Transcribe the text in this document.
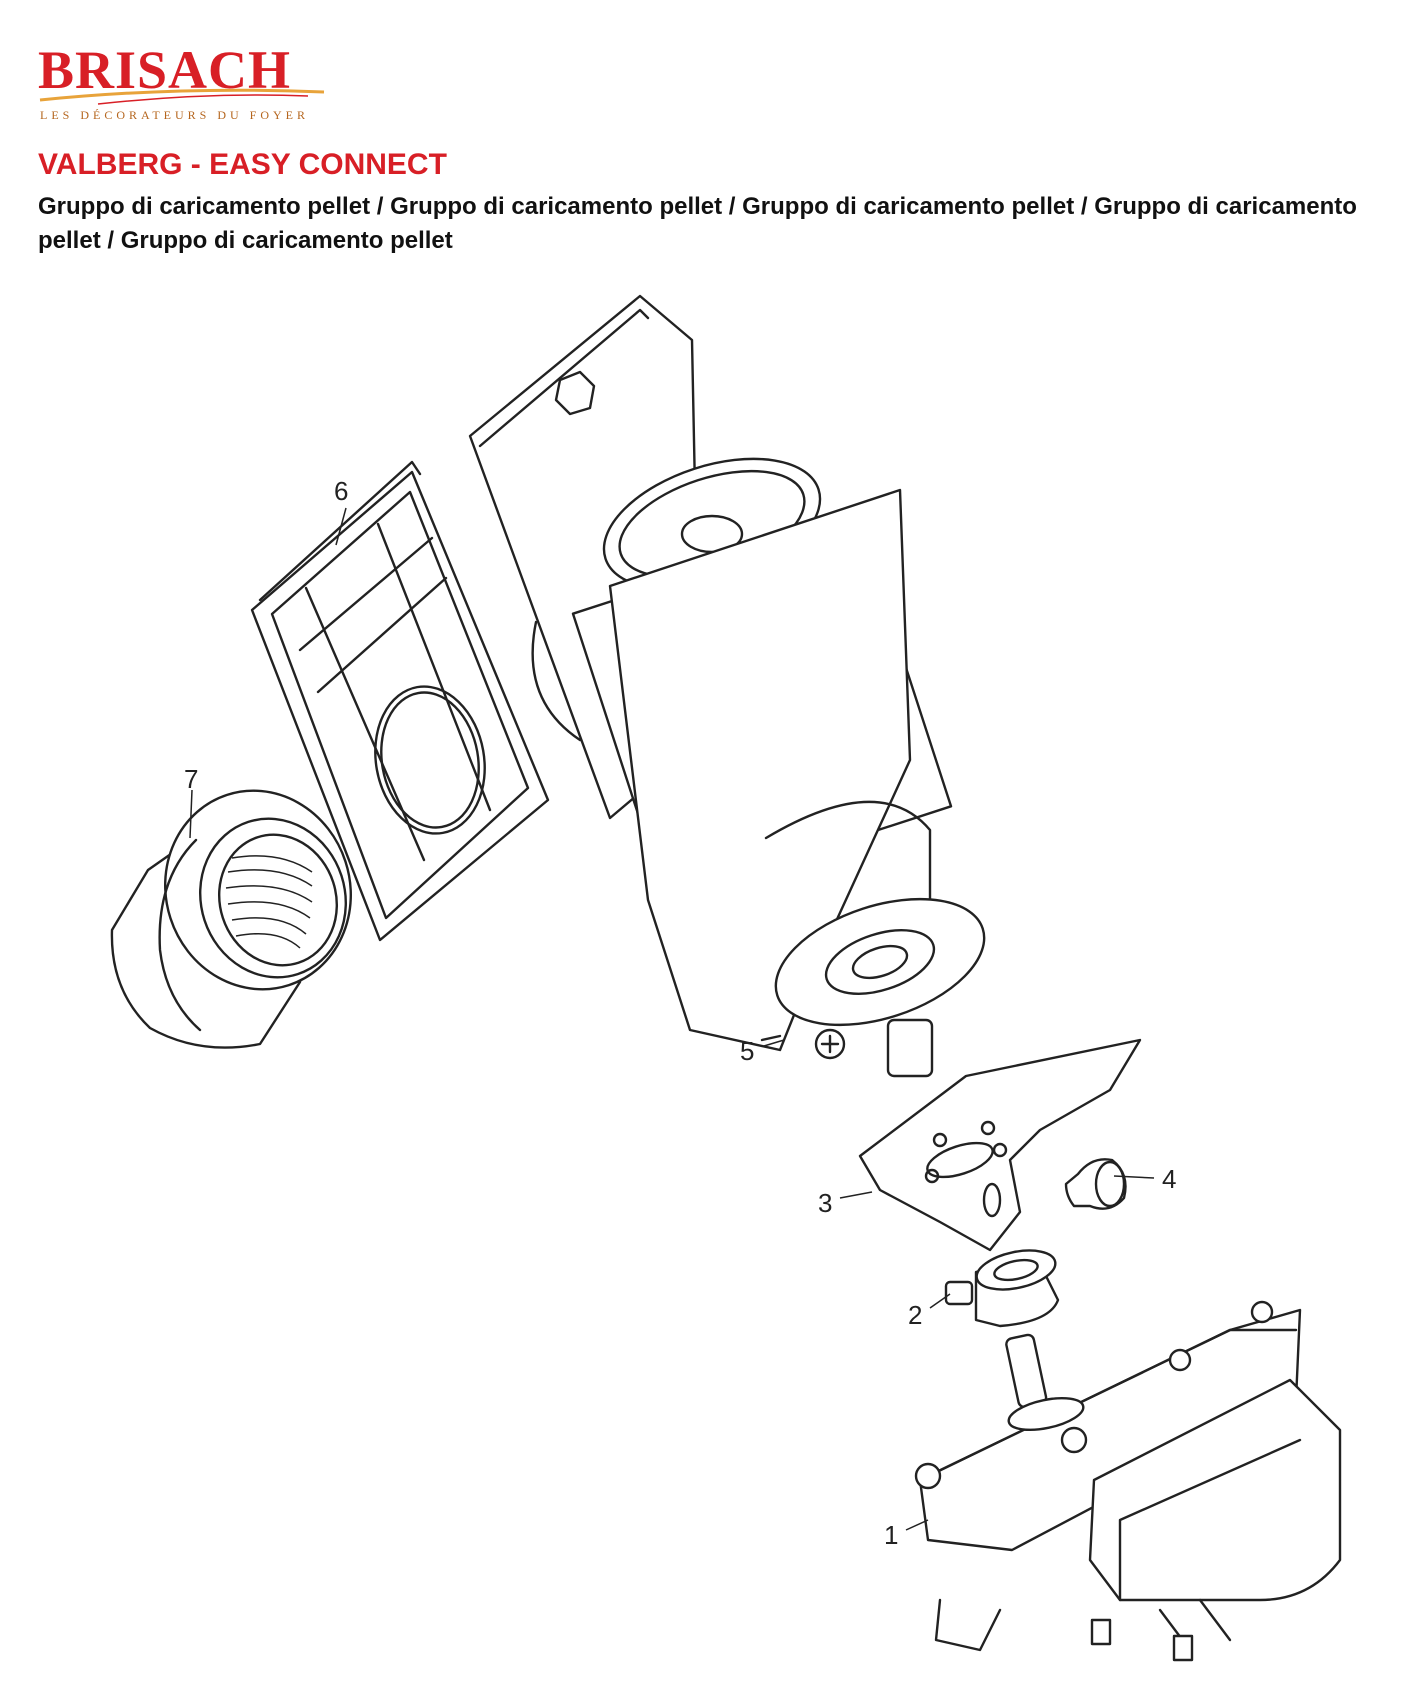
BRISACH
LES DÉCORATEURS DU FOYER
VALBERG - EASY CONNECT

Gruppo di caricamento pellet / Gruppo di caricamento pellet / Gruppo di caricamento pellet / Gruppo di caricamento pellet / Gruppo di caricamento pellet

6
7
5
4
3
2
1
